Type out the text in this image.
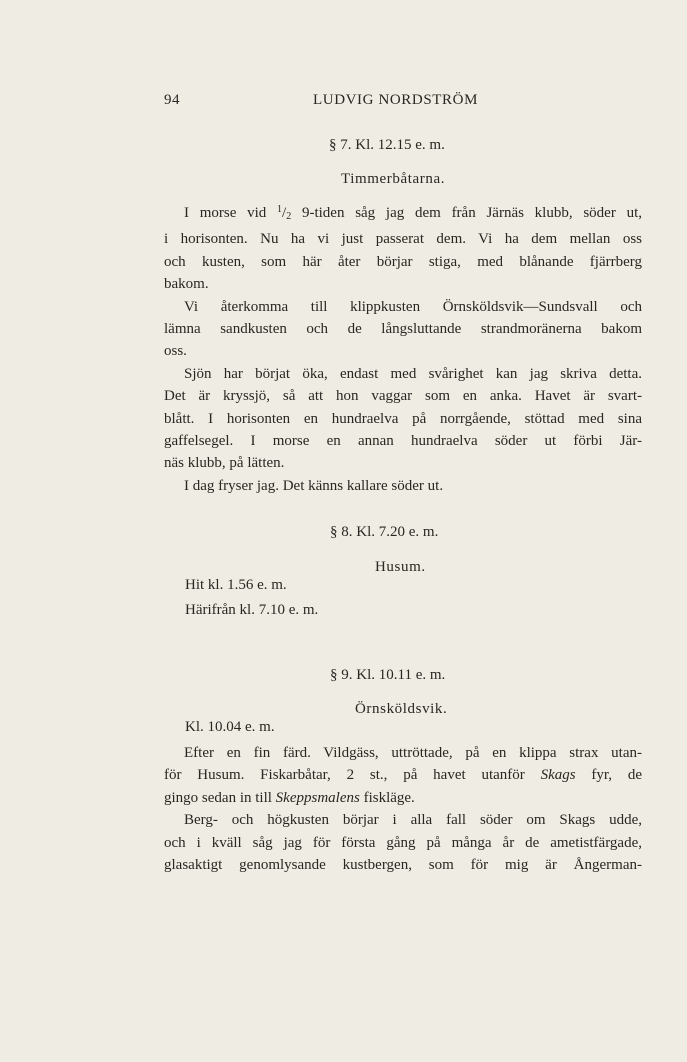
94	LUDVIG NORDSTRÖM
§ 7. Kl. 12.15 e. m.
Timmerbåtarna.
I morse vid $^1$/2 9-tiden såg jag dem från Järnäs klubb, söder ut,
i horisonten. Nu ha vi just passerat dem. Vi ha dem mellan oss
och kusten, som här åter börjar stiga, med blånande fjärrberg
bakom.
Vi återkomma till klippkusten Örnsköldsvik—Sundsvall och
lämna sandkusten och de långsluttande strandmoränerna bakom
oss.
Sjön har börjat öka, endast med svårighet kan jag skriva detta.
Det är kryssjö, så att hon vaggar som en anka. Havet är svart-
blått. I horisonten en hundraelva på norrgående, stöttad med sina
gaffelsegel. I morse en annan hundraelva söder ut förbi Jär-
näs klubb, på lätten.
I dag fryser jag. Det känns kallare söder ut.
§ 8. Kl. 7.20 e. m.
Husum.
Hit kl. 1.56 e. m.
Härifrån kl. 7.10 e. m.
§ 9. Kl. 10.11 e. m.
Örnsköldsvik.
Kl. 10.04 e. m.
Efter en fin färd. Vildgäss, uttröttade, på en klippa strax utan-
för Husum. Fiskarbåtar, 2 st., på havet utanför Skags fyr, de
gingo sedan in till Skeppsmalens fiskläge.
Berg- och högkusten börjar i alla fall söder om Skags udde,
och i kväll såg jag för första gång på många år de ametistfärgade,
glasaktigt genomlysande kustbergen, som för mig är Ångerman-
